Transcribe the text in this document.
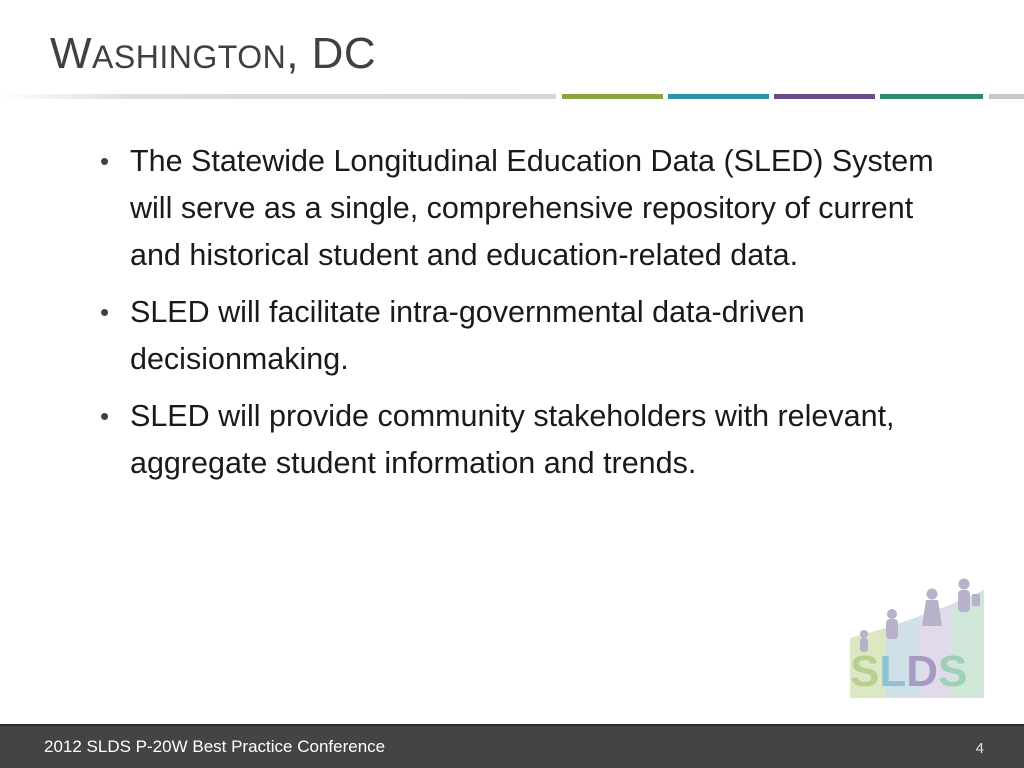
WASHINGTON, DC
• The Statewide Longitudinal Education Data (SLED) System will serve as a single, comprehensive repository of current and historical student and education-related data.
• SLED will facilitate intra-governmental data-driven decisionmaking.
• SLED will provide community stakeholders with relevant, aggregate student information and trends.
SLDS
2012 SLDS P-20W Best Practice Conference	4
